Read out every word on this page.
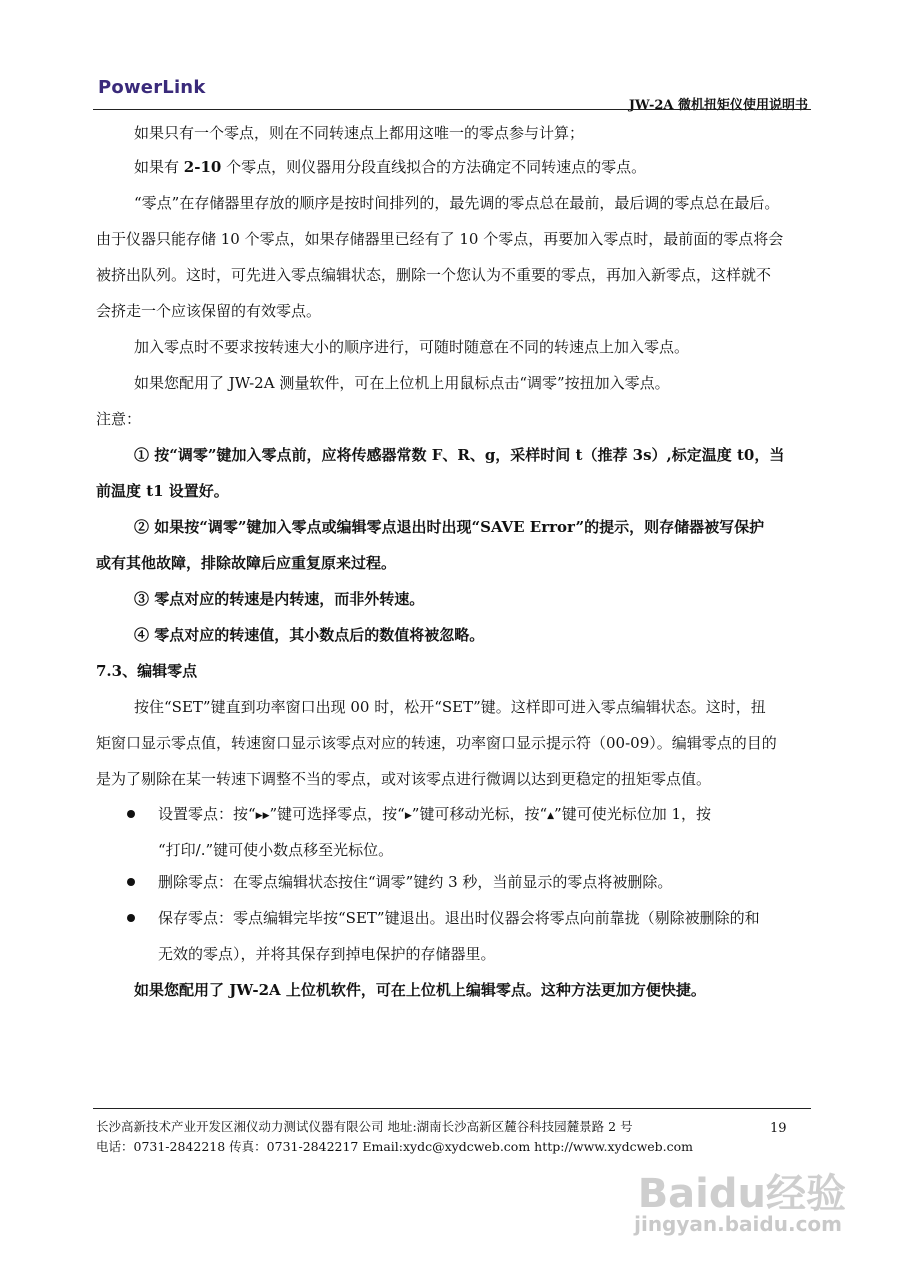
PowerLink
JW-2A 微机扭矩仪使用说明书
如果只有一个零点，则在不同转速点上都用这唯一的零点参与计算；
如果有 2-10 个零点，则仪器用分段直线拟合的方法确定不同转速点的零点。
“零点”在存储器里存放的顺序是按时间排列的，最先调的零点总在最前，最后调的零点总在最后。
由于仪器只能存储 10 个零点，如果存储器里已经有了 10 个零点，再要加入零点时，最前面的零点将会
被挤出队列。这时，可先进入零点编辑状态，删除一个您认为不重要的零点，再加入新零点，这样就不
会挤走一个应该保留的有效零点。
加入零点时不要求按转速大小的顺序进行，可随时随意在不同的转速点上加入零点。
如果您配用了 JW-2A 测量软件，可在上位机上用鼠标点击“调零”按扭加入零点。
注意：
① 按“调零”键加入零点前，应将传感器常数 F、R、g，采样时间 t（推荐 3s）,标定温度 t0，当
前温度 t1 设置好。
② 如果按“调零”键加入零点或编辑零点退出时出现“SAVE Error”的提示，则存储器被写保护
或有其他故障，排除故障后应重复原来过程。
③ 零点对应的转速是内转速，而非外转速。
④ 零点对应的转速值，其小数点后的数值将被忽略。
7.3、编辑零点
按住“SET”键直到功率窗口出现 00 时，松开“SET”键。这样即可进入零点编辑状态。这时，扭
矩窗口显示零点值，转速窗口显示该零点对应的转速，功率窗口显示提示符（00-09）。编辑零点的目的
是为了剔除在某一转速下调整不当的零点，或对该零点进行微调以达到更稳定的扭矩零点值。
设置零点：按“▶▶”键可选择零点，按“▶”键可移动光标，按“▲”键可使光标位加 1，按
“打印/.”键可使小数点移至光标位。
删除零点：在零点编辑状态按住“调零”键约 3 秒，当前显示的零点将被删除。
保存零点：零点编辑完毕按“SET”键退出。退出时仪器会将零点向前靠拢（剔除被删除的和
无效的零点），并将其保存到掉电保护的存储器里。
如果您配用了 JW-2A 上位机软件，可在上位机上编辑零点。这种方法更加方便快捷。
长沙高新技术产业开发区湘仪动力测试仪器有限公司 地址:湖南长沙高新区麓谷科技园麓景路 2 号
电话：0731-2842218 传真：0731-2842217 Email:xydc@xydcweb.com http://www.xydcweb.com
19
Baidu经验
jingyan.baidu.com
